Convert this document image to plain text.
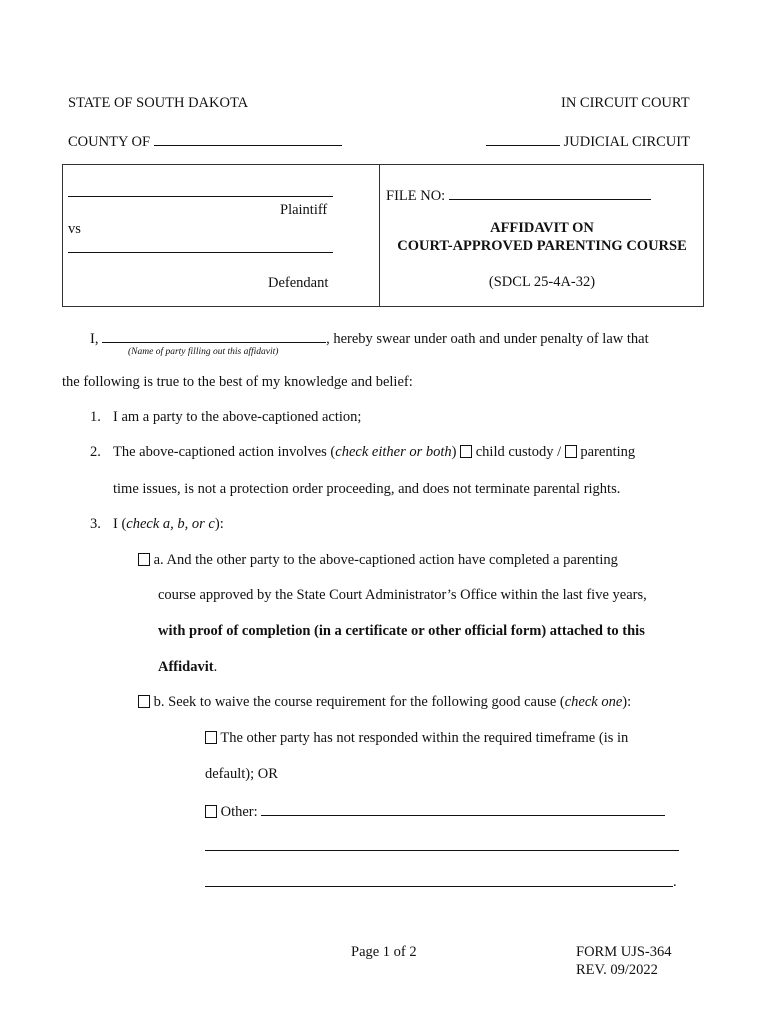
STATE OF SOUTH DAKOTA	IN CIRCUIT COURT
COUNTY OF	JUDICIAL CIRCUIT
Plaintiff
vs
Defendant
FILE NO:
AFFIDAVIT ON
COURT-APPROVED PARENTING COURSE
(SDCL 25-4A-32)
I,	, hereby swear under oath and under penalty of law that
(Name of party filling out this affidavit)
the following is true to the best of my knowledge and belief:
1. I am a party to the above-captioned action;
2. The above-captioned action involves (check either or both) child custody / parenting
time issues, is not a protection order proceeding, and does not terminate parental rights.
3. I (check a, b, or c):
a. And the other party to the above-captioned action have completed a parenting
course approved by the State Court Administrator’s Office within the last five years,
with proof of completion (in a certificate or other official form) attached to this
Affidavit.
b. Seek to waive the course requirement for the following good cause (check one):
The other party has not responded within the required timeframe (is in
default); OR
Other:
.
Page 1 of 2	FORM UJS-364
REV. 09/2022
